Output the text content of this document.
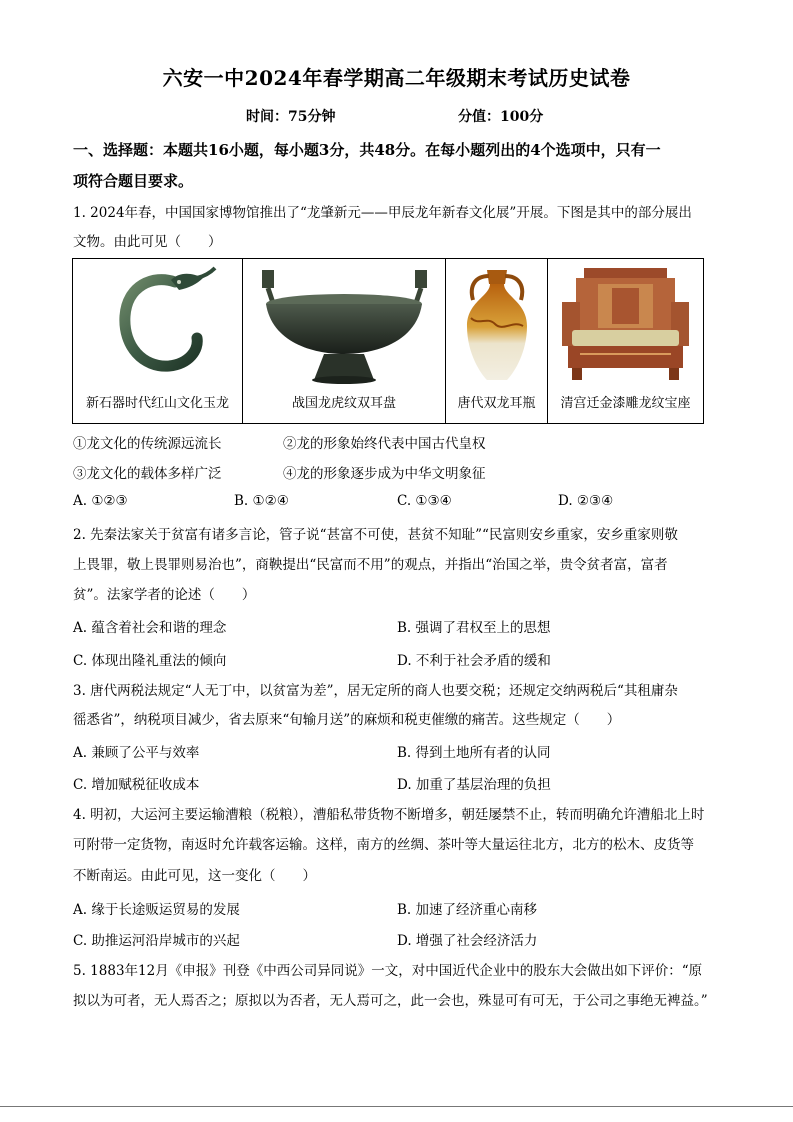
六安一中2024年春学期高二年级期末考试历史试卷
时间：75分钟	分值：100分
一、选择题：本题共16小题，每小题3分，共48分。在每小题列出的4个选项中，只有一
项符合题目要求。
1. 2024年春，中国国家博物馆推出了“龙肇新元——甲辰龙年新春文化展”开展。下图是其中的部分展出
文物。由此可见（　　）
新石器时代红山文化玉龙	战国龙虎纹双耳盘	唐代双龙耳瓶	清宫迁金漆雕龙纹宝座
①龙文化的传统源远流长	②龙的形象始终代表中国古代皇权
③龙文化的载体多样广泛	④龙的形象逐步成为中华文明象征
A. ①②③	B. ①②④	C. ①③④	D. ②③④
2. 先秦法家关于贫富有诸多言论，管子说“甚富不可使，甚贫不知耻”“民富则安乡重家，安乡重家则敬
上畏罪，敬上畏罪则易治也”，商鞅提出“民富而不用”的观点，并指出“治国之举，贵令贫者富，富者
贫”。法家学者的论述（　　）
A. 蕴含着社会和谐的理念	B. 强调了君权至上的思想
C. 体现出隆礼重法的倾向	D. 不利于社会矛盾的缓和
3. 唐代两税法规定“人无丁中，以贫富为差”，居无定所的商人也要交税；还规定交纳两税后“其租庸杂
徭悉省”，纳税项目减少，省去原来“旬输月送”的麻烦和税吏催缴的痛苦。这些规定（　　）
A. 兼顾了公平与效率	B. 得到土地所有者的认同
C. 增加赋税征收成本	D. 加重了基层治理的负担
4. 明初，大运河主要运输漕粮（税粮），漕船私带货物不断增多，朝廷屡禁不止，转而明确允许漕船北上时
可附带一定货物，南返时允许载客运输。这样，南方的丝绸、茶叶等大量运往北方，北方的松木、皮货等
不断南运。由此可见，这一变化（　　）
A. 缘于长途贩运贸易的发展	B. 加速了经济重心南移
C. 助推运河沿岸城市的兴起	D. 增强了社会经济活力
5. 1883年12月《申报》刊登《中西公司异同说》一文，对中国近代企业中的股东大会做出如下评价：“原
拟以为可者，无人焉否之；原拟以为否者，无人焉可之，此一会也，殊显可有可无，于公司之事绝无裨益。”
